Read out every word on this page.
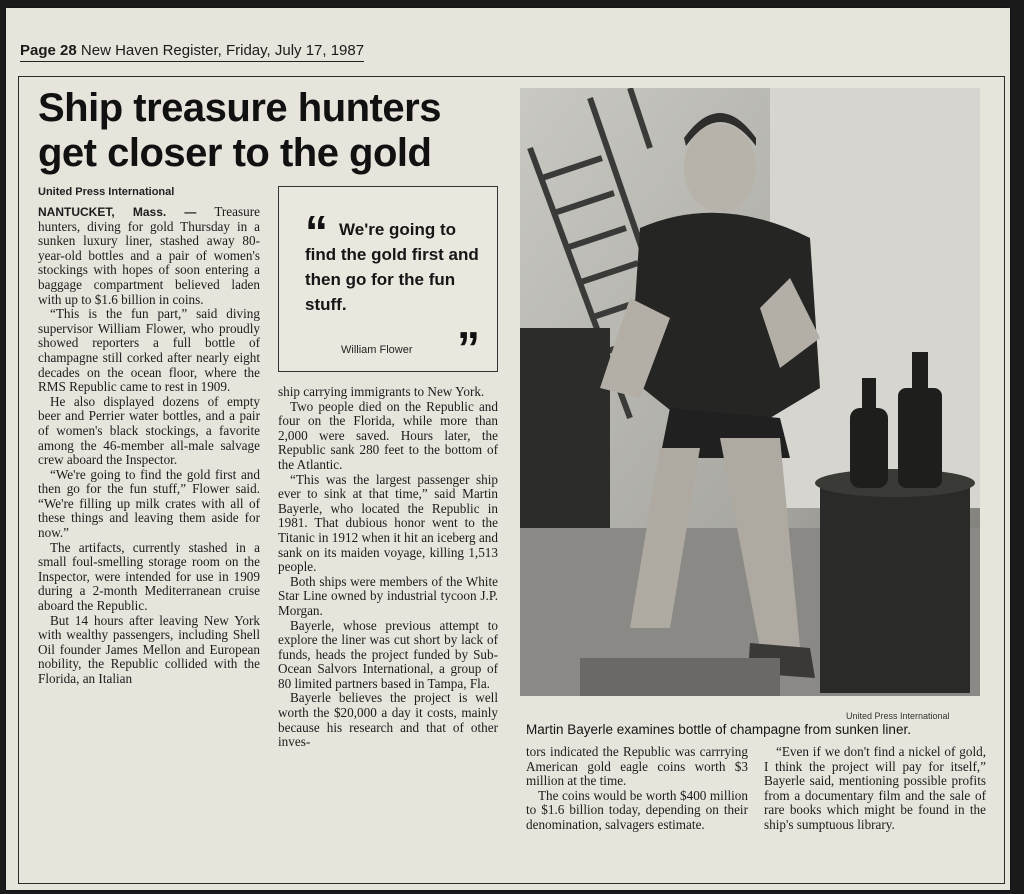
Page 28 New Haven Register, Friday, July 17, 1987
Ship treasure hunters
get closer to the gold
United Press International

NANTUCKET, Mass. — Treasure hunters, diving for gold Thursday in a sunken luxury liner, stashed away 80-year-old bottles and a pair of women's stockings with hopes of soon entering a baggage compartment believed laden with up to $1.6 billion in coins.

“This is the fun part,” said diving supervisor William Flower, who proudly showed reporters a full bottle of champagne still corked after nearly eight decades on the ocean floor, where the RMS Republic came to rest in 1909.

He also displayed dozens of empty beer and Perrier water bottles, and a pair of women's black stockings, a favorite among the 46-member all-male salvage crew aboard the Inspector.

“We're going to find the gold first and then go for the fun stuff,” Flower said. “We're filling up milk crates with all of these things and leaving them aside for now.”

The artifacts, currently stashed in a small foul-smelling storage room on the Inspector, were intended for use in 1909 during a 2-month Mediterranean cruise aboard the Republic.

But 14 hours after leaving New York with wealthy passengers, including Shell Oil founder James Mellon and European nobility, the Republic collided with the Florida, an Italian

“ We're going to find the gold first and then go for the fun stuff.
William Flower ”

ship carrying immigrants to New York.

Two people died on the Republic and four on the Florida, while more than 2,000 were saved. Hours later, the Republic sank 280 feet to the bottom of the Atlantic.

“This was the largest passenger ship ever to sink at that time,” said Martin Bayerle, who located the Republic in 1981. That dubious honor went to the Titanic in 1912 when it hit an iceberg and sank on its maiden voyage, killing 1,513 people.

Both ships were members of the White Star Line owned by industrial tycoon J.P. Morgan.

Bayerle, whose previous attempt to explore the liner was cut short by lack of funds, heads the project funded by Sub-Ocean Salvors International, a group of 80 limited partners based in Tampa, Fla.

Bayerle believes the project is well worth the $20,000 a day it costs, mainly because his research and that of other inves-

United Press International
Martin Bayerle examines bottle of champagne from sunken liner.

tors indicated the Republic was carrrying American gold eagle coins worth $3 million at the time.

The coins would be worth $400 million to $1.6 billion today, depending on their denomination, salvagers estimate.

“Even if we don't find a nickel of gold, I think the project will pay for itself,” Bayerle said, mentioning possible profits from a documentary film and the sale of rare books which might be found in the ship's sumptuous library.
